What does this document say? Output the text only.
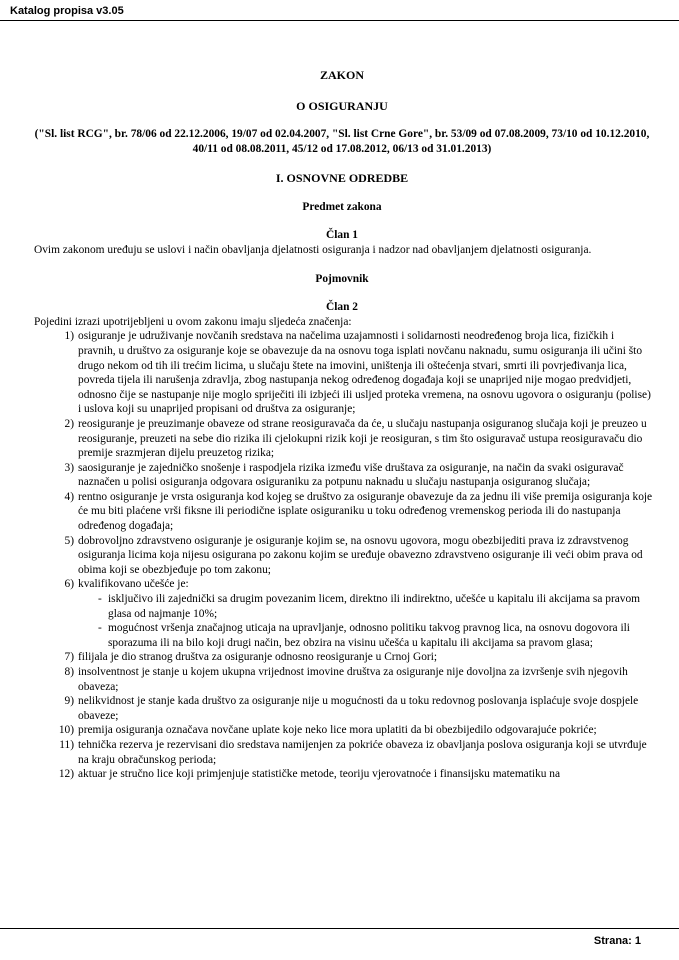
Katalog propisa v3.05
ZAKON
O OSIGURANJU
("Sl. list RCG", br. 78/06 od 22.12.2006, 19/07 od 02.04.2007, "Sl. list Crne Gore", br. 53/09 od 07.08.2009, 73/10 od 10.12.2010, 40/11 od 08.08.2011, 45/12 od 17.08.2012, 06/13 od 31.01.2013)
I. OSNOVNE ODREDBE
Predmet zakona
Član 1
Ovim zakonom uređuju se uslovi i način obavljanja djelatnosti osiguranja i nadzor nad obavljanjem djelatnosti osiguranja.
Pojmovnik
Član 2
Pojedini izrazi upotrijebljeni u ovom zakonu imaju sljedeća značenja:
1) osiguranje je udruživanje novčanih sredstava na načelima uzajamnosti i solidarnosti neodređenog broja lica, fizičkih i pravnih, u društvo za osiguranje koje se obavezuje da na osnovu toga isplati novčanu naknadu, sumu osiguranja ili učini što drugo nekom od tih ili trećim licima, u slučaju štete na imovini, uništenja ili oštećenja stvari, smrti ili povrjeđivanja lica, povreda tijela ili narušenja zdravlja, zbog nastupanja nekog određenog događaja koji se unaprijed nije mogao predvidjeti, odnosno čije se nastupanje nije moglo spriječiti ili izbjeći ili usljed proteka vremena, na osnovu ugovora o osiguranju (polise) i uslova koji su unaprijed propisani od društva za osiguranje;
2) reosiguranje je preuzimanje obaveze od strane reosiguravača da će, u slučaju nastupanja osiguranog slučaja koji je preuzeo u reosiguranje, preuzeti na sebe dio rizika ili cjelokupni rizik koji je reosiguran, s tim što osiguravač ustupa reosiguravaču dio premije srazmjeran dijelu preuzetog rizika;
3) saosiguranje je zajedničko snošenje i raspodjela rizika između više društava za osiguranje, na način da svaki osiguravač naznačen u polisi osiguranja odgovara osiguraniku za potpunu naknadu u slučaju nastupanja osiguranog slučaja;
4) rentno osiguranje je vrsta osiguranja kod kojeg se društvo za osiguranje obavezuje da za jednu ili više premija osiguranja koje će mu biti plaćene vrši fiksne ili periodične isplate osiguraniku u toku određenog vremenskog perioda ili do nastupanja određenog događaja;
5) dobrovoljno zdravstveno osiguranje je osiguranje kojim se, na osnovu ugovora, mogu obezbijediti prava iz zdravstvenog osiguranja licima koja nijesu osigurana po zakonu kojim se uređuje obavezno zdravstveno osiguranje ili veći obim prava od obima koji se obezbjeđuje po tom zakonu;
6) kvalifikovano učešće je:
- isključivo ili zajednički sa drugim povezanim licem, direktno ili indirektno, učešće u kapitalu ili akcijama sa pravom glasa od najmanje 10%;
- mogućnost vršenja značajnog uticaja na upravljanje, odnosno politiku takvog pravnog lica, na osnovu dogovora ili sporazuma ili na bilo koji drugi način, bez obzira na visinu učešća u kapitalu ili akcijama sa pravom glasa;
7) filijala je dio stranog društva za osiguranje odnosno reosiguranje u Crnoj Gori;
8) insolventnost je stanje u kojem ukupna vrijednost imovine društva za osiguranje nije dovoljna za izvršenje svih njegovih obaveza;
9) nelikvidnost je stanje kada društvo za osiguranje nije u mogućnosti da u toku redovnog poslovanja isplaćuje svoje dospjele obaveze;
10) premija osiguranja označava novčane uplate koje neko lice mora uplatiti da bi obezbijedilo odgovarajuće pokriće;
11) tehnička rezerva je rezervisani dio sredstava namijenjen za pokriće obaveza iz obavljanja poslova osiguranja koji se utvrđuje na kraju obračunskog perioda;
12) aktuar je stručno lice koji primjenjuje statističke metode, teoriju vjerovatnoće i finansijsku matematiku na
Strana: 1
